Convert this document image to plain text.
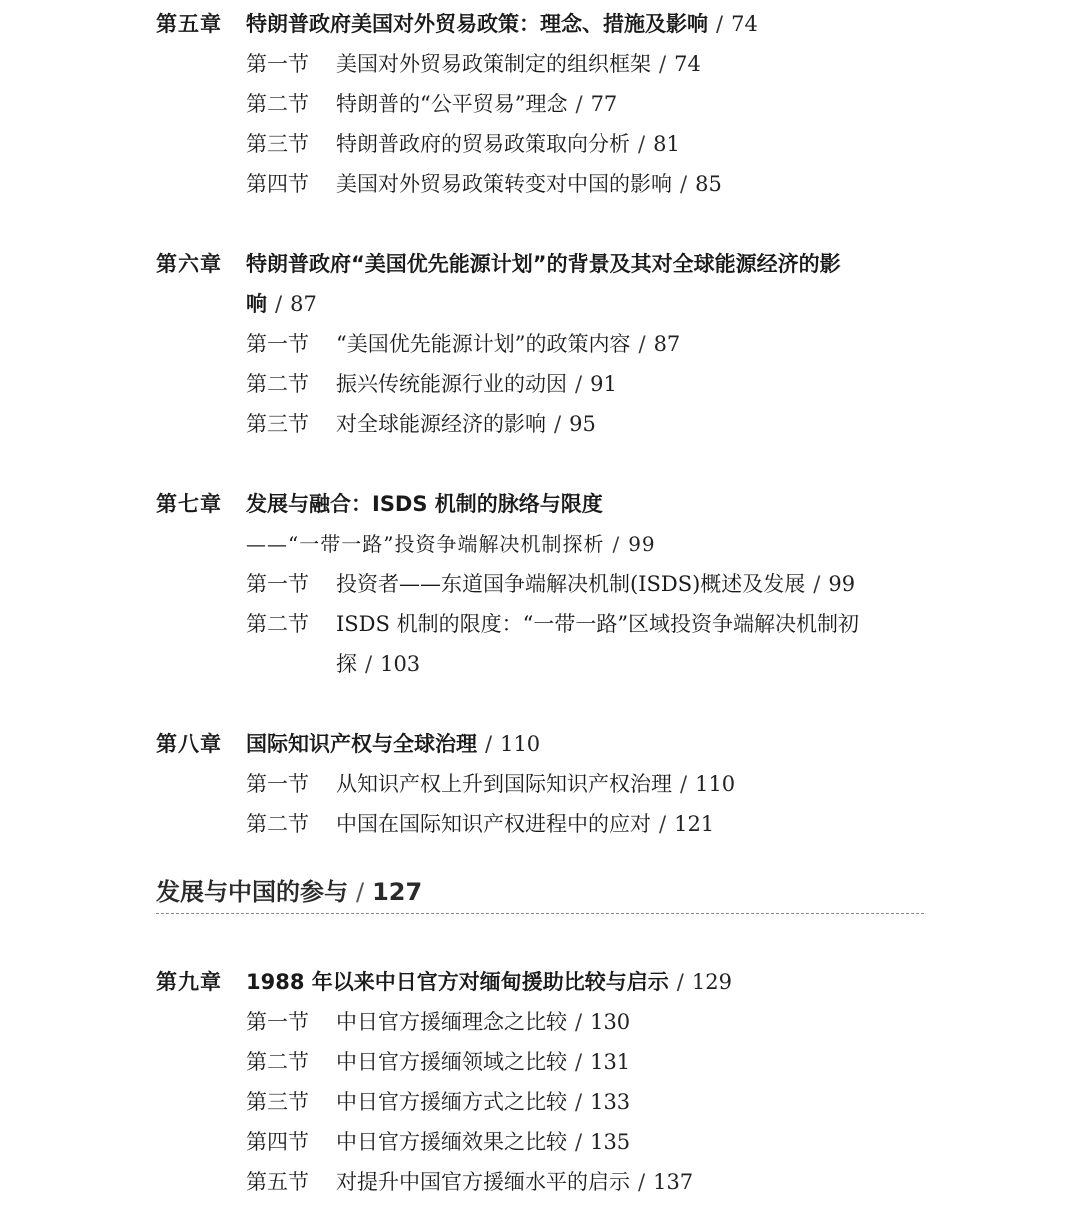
第五章 特朗普政府美国对外贸易政策：理念、措施及影响 / 74
第一节 美国对外贸易政策制定的组织框架 / 74
第二节 特朗普的“公平贸易”理念 / 77
第三节 特朗普政府的贸易政策取向分析 / 81
第四节 美国对外贸易政策转变对中国的影响 / 85
第六章 特朗普政府“美国优先能源计划”的背景及其对全球能源经济的影
响 / 87
第一节 “美国优先能源计划”的政策内容 / 87
第二节 振兴传统能源行业的动因 / 91
第三节 对全球能源经济的影响 / 95
第七章 发展与融合：ISDS 机制的脉络与限度
——“一带一路”投资争端解决机制探析 / 99
第一节 投资者——东道国争端解决机制(ISDS)概述及发展 / 99
第二节 ISDS 机制的限度：“一带一路”区域投资争端解决机制初
探 / 103
第八章 国际知识产权与全球治理 / 110
第一节 从知识产权上升到国际知识产权治理 / 110
第二节 中国在国际知识产权进程中的应对 / 121
发展与中国的参与 / 127
第九章 1988 年以来中日官方对缅甸援助比较与启示 / 129
第一节 中日官方援缅理念之比较 / 130
第二节 中日官方援缅领域之比较 / 131
第三节 中日官方援缅方式之比较 / 133
第四节 中日官方援缅效果之比较 / 135
第五节 对提升中国官方援缅水平的启示 / 137
